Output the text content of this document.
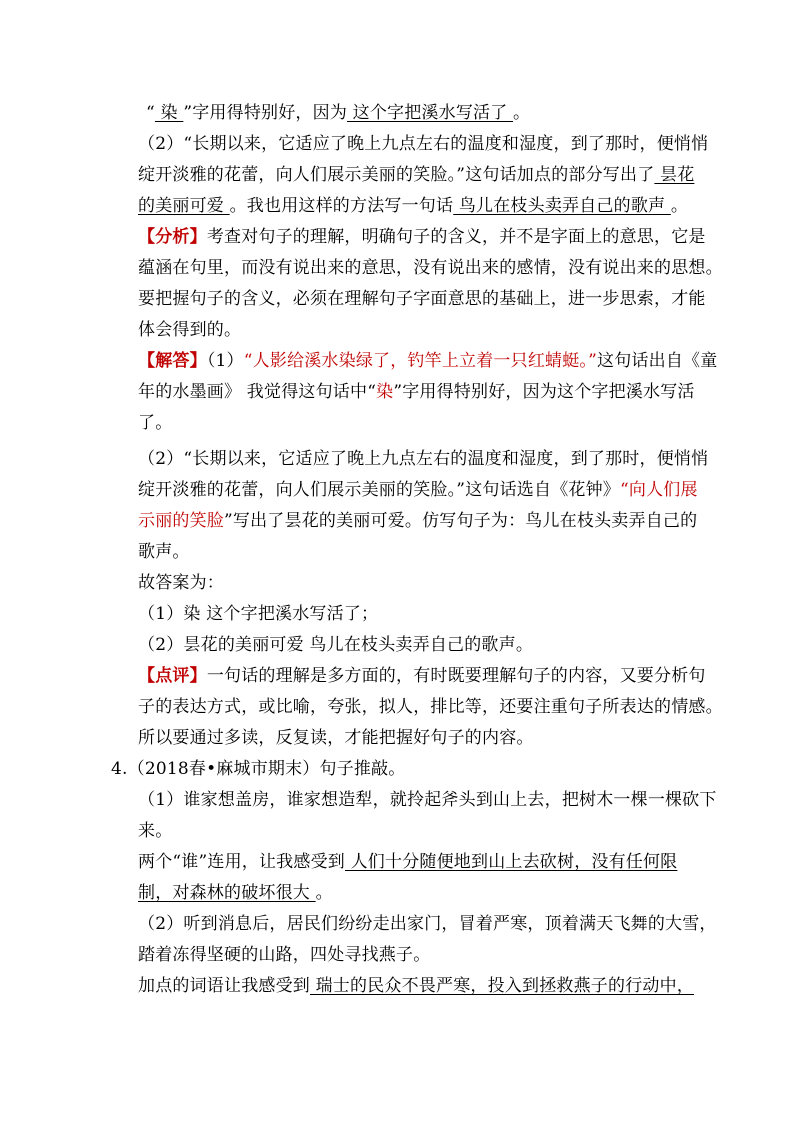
“ 染 ”字用得特别好，因为 这个字把溪水写活了 。
（2）“长期以来，它适应了晚上九点左右的温度和湿度，到了那时，便悄悄
绽开淡雅的花蕾，向人们展示美丽的笑脸。”这句话加点的部分写出了 昙花
的美丽可爱 。我也用这样的方法写一句话 鸟儿在枝头卖弄自己的歌声 。
【分析】考查对句子的理解，明确句子的含义，并不是字面上的意思，它是
蕴涵在句里，而没有说出来的意思，没有说出来的感情，没有说出来的思想。
要把握句子的含义，必须在理解句子字面意思的基础上，进一步思索，才能
体会得到的。
【解答】（1）“人影给溪水染绿了，钓竿上立着一只红蜻蜓。”这句话出自《童
年的水墨画》 我觉得这句话中“染”字用得特别好，因为这个字把溪水写活
了。
（2）“长期以来，它适应了晚上九点左右的温度和湿度，到了那时，便悄悄
绽开淡雅的花蕾，向人们展示美丽的笑脸。”这句话选自《花钟》“向人们展
示丽的笑脸”写出了昙花的美丽可爱。仿写句子为：鸟儿在枝头卖弄自己的
歌声。
故答案为：
（1）染 这个字把溪水写活了；
（2）昙花的美丽可爱 鸟儿在枝头卖弄自己的歌声。
【点评】一句话的理解是多方面的，有时既要理解句子的内容，又要分析句
子的表达方式，或比喻，夸张，拟人，排比等，还要注重句子所表达的情感。
所以要通过多读，反复读，才能把握好句子的内容。
4.（2018春•麻城市期末）句子推敲。
（1）谁家想盖房，谁家想造犁，就拎起斧头到山上去，把树木一棵一棵砍下
来。
两个“谁”连用，让我感受到 人们十分随便地到山上去砍树，没有任何限
制，对森林的破坏很大 。
（2）听到消息后，居民们纷纷走出家门，冒着严寒，顶着满天飞舞的大雪，
踏着冻得坚硬的山路，四处寻找燕子。
加点的词语让我感受到 瑞士的民众不畏严寒，投入到拯救燕子的行动中，
